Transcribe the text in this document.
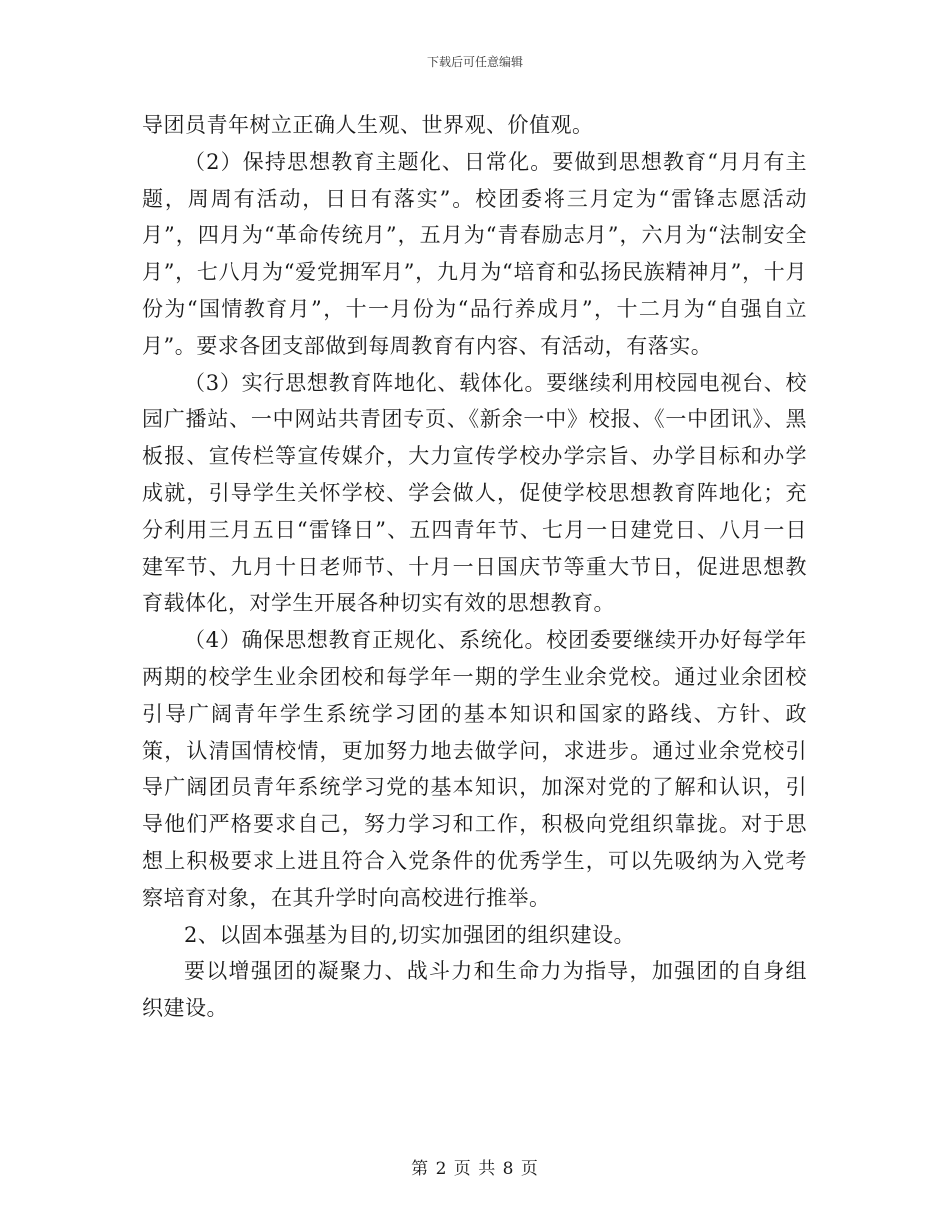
下载后可任意编辑

导团员青年树立正确人生观、世界观、价值观。

（2）保持思想教育主题化、日常化。要做到思想教育“月月有主题，周周有活动，日日有落实”。校团委将三月定为“雷锋志愿活动月”，四月为“革命传统月”，五月为“青春励志月”，六月为“法制安全月”，七八月为“爱党拥军月”，九月为“培育和弘扬民族精神月”，十月份为“国情教育月”，十一月份为“品行养成月”，十二月为“自强自立月”。要求各团支部做到每周教育有内容、有活动，有落实。

（3）实行思想教育阵地化、载体化。要继续利用校园电视台、校园广播站、一中网站共青团专页、《新余一中》校报、《一中团讯》、黑板报、宣传栏等宣传媒介，大力宣传学校办学宗旨、办学目标和办学成就，引导学生关怀学校、学会做人，促使学校思想教育阵地化；充分利用三月五日“雷锋日”、五四青年节、七月一日建党日、八月一日建军节、九月十日老师节、十月一日国庆节等重大节日，促进思想教育载体化，对学生开展各种切实有效的思想教育。

（4）确保思想教育正规化、系统化。校团委要继续开办好每学年两期的校学生业余团校和每学年一期的学生业余党校。通过业余团校引导广阔青年学生系统学习团的基本知识和国家的路线、方针、政策，认清国情校情，更加努力地去做学问，求进步。通过业余党校引导广阔团员青年系统学习党的基本知识，加深对党的了解和认识，引导他们严格要求自己，努力学习和工作，积极向党组织靠拢。对于思想上积极要求上进且符合入党条件的优秀学生，可以先吸纳为入党考察培育对象，在其升学时向高校进行推举。

2、以固本强基为目的,切实加强团的组织建设。

要以增强团的凝聚力、战斗力和生命力为指导，加强团的自身组织建设。

第 2 页 共 8 页
